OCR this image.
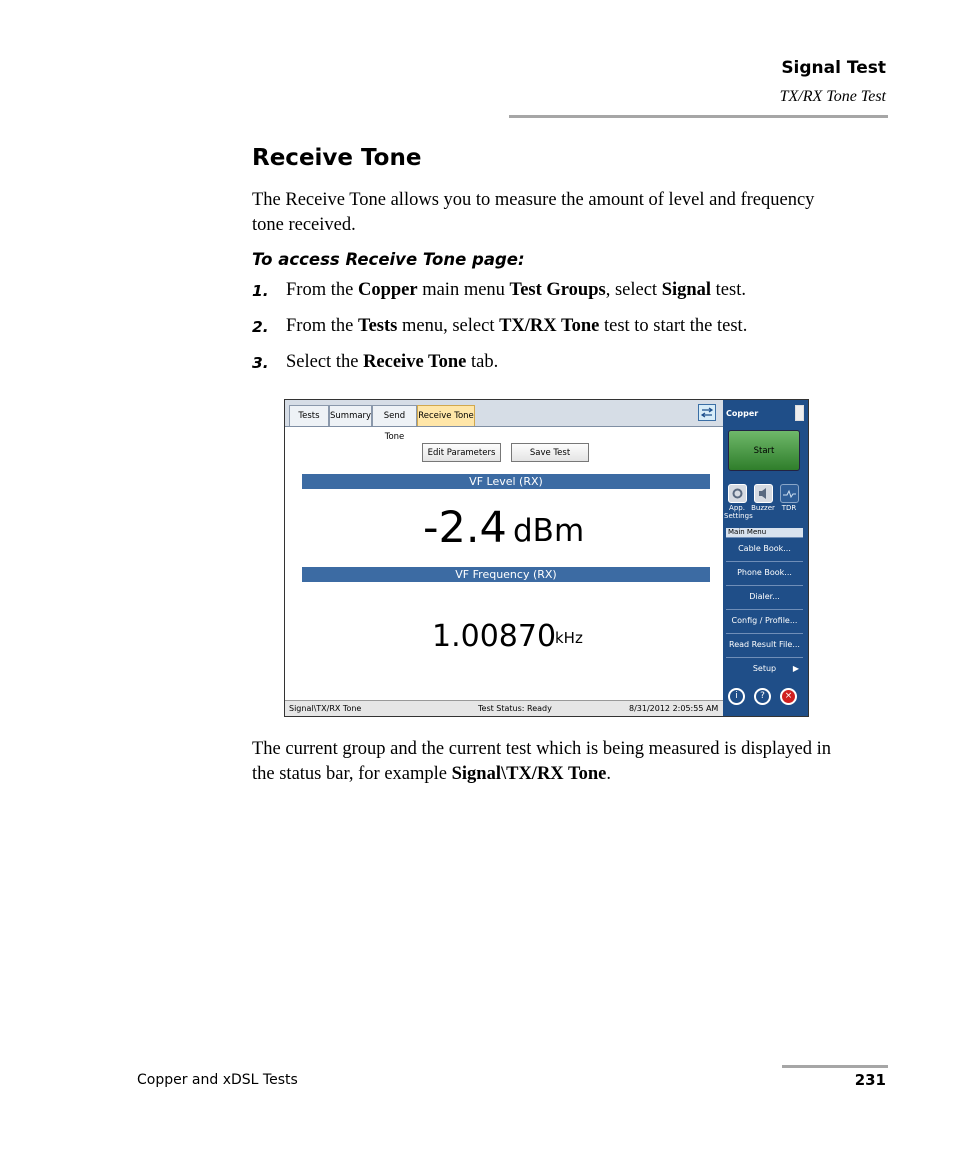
Signal Test
TX/RX Tone Test
Receive Tone
The Receive Tone allows you to measure the amount of level and frequency tone received.
To access Receive Tone page:
1. From the Copper main menu Test Groups, select Signal test.
2. From the Tests menu, select TX/RX Tone test to start the test.
3. Select the Receive Tone tab.
Tests	Summary	Send Tone
Receive Tone
Edit Parameters	Save Test
VF Level (RX)
-2.4 dBm
VF Frequency (RX)
1.00870
kHz
Signal\TX/RX Tone	Test Status: Ready	8/31/2012 2:05:55 AM
Copper
Start
App. Settings
Buzzer TDR
Main Menu
Cable Book...
Phone Book...
Dialer...
Config / Profile...
Read Result File...
Setup ▶
i	?	×
The current group and the current test which is being measured is displayed in the status bar, for example Signal\TX/RX Tone.
Copper and xDSL Tests	231
